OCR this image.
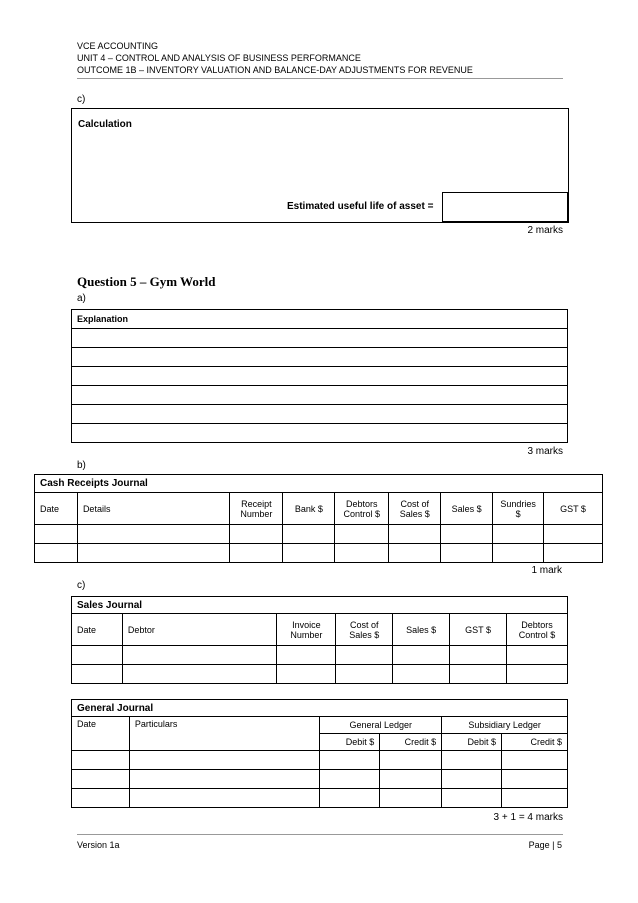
VCE ACCOUNTING
UNIT 4 – CONTROL AND ANALYSIS OF BUSINESS PERFORMANCE
OUTCOME 1B – INVENTORY VALUATION AND BALANCE-DAY ADJUSTMENTS FOR REVENUE
c)
Calculation
Estimated useful life of asset =
2 marks
Question 5 – Gym World
a)
Explanation

3 marks
b)
Cash Receipts Journal								
Date	Details	Receipt Number	Bank $	Debtors Control $	Cost of Sales $	Sales $	Sundries $	GST $

1 mark
c)
Sales Journal						
Date	Debtor	Invoice Number	Cost of Sales $	Sales $	GST $	Debtors Control $

General Journal					
Date	Particulars	General Ledger		Subsidiary Ledger	
		Debit $	Credit $	Debit $	Credit $

3 + 1 = 4 marks
Version 1a	Page | 5
